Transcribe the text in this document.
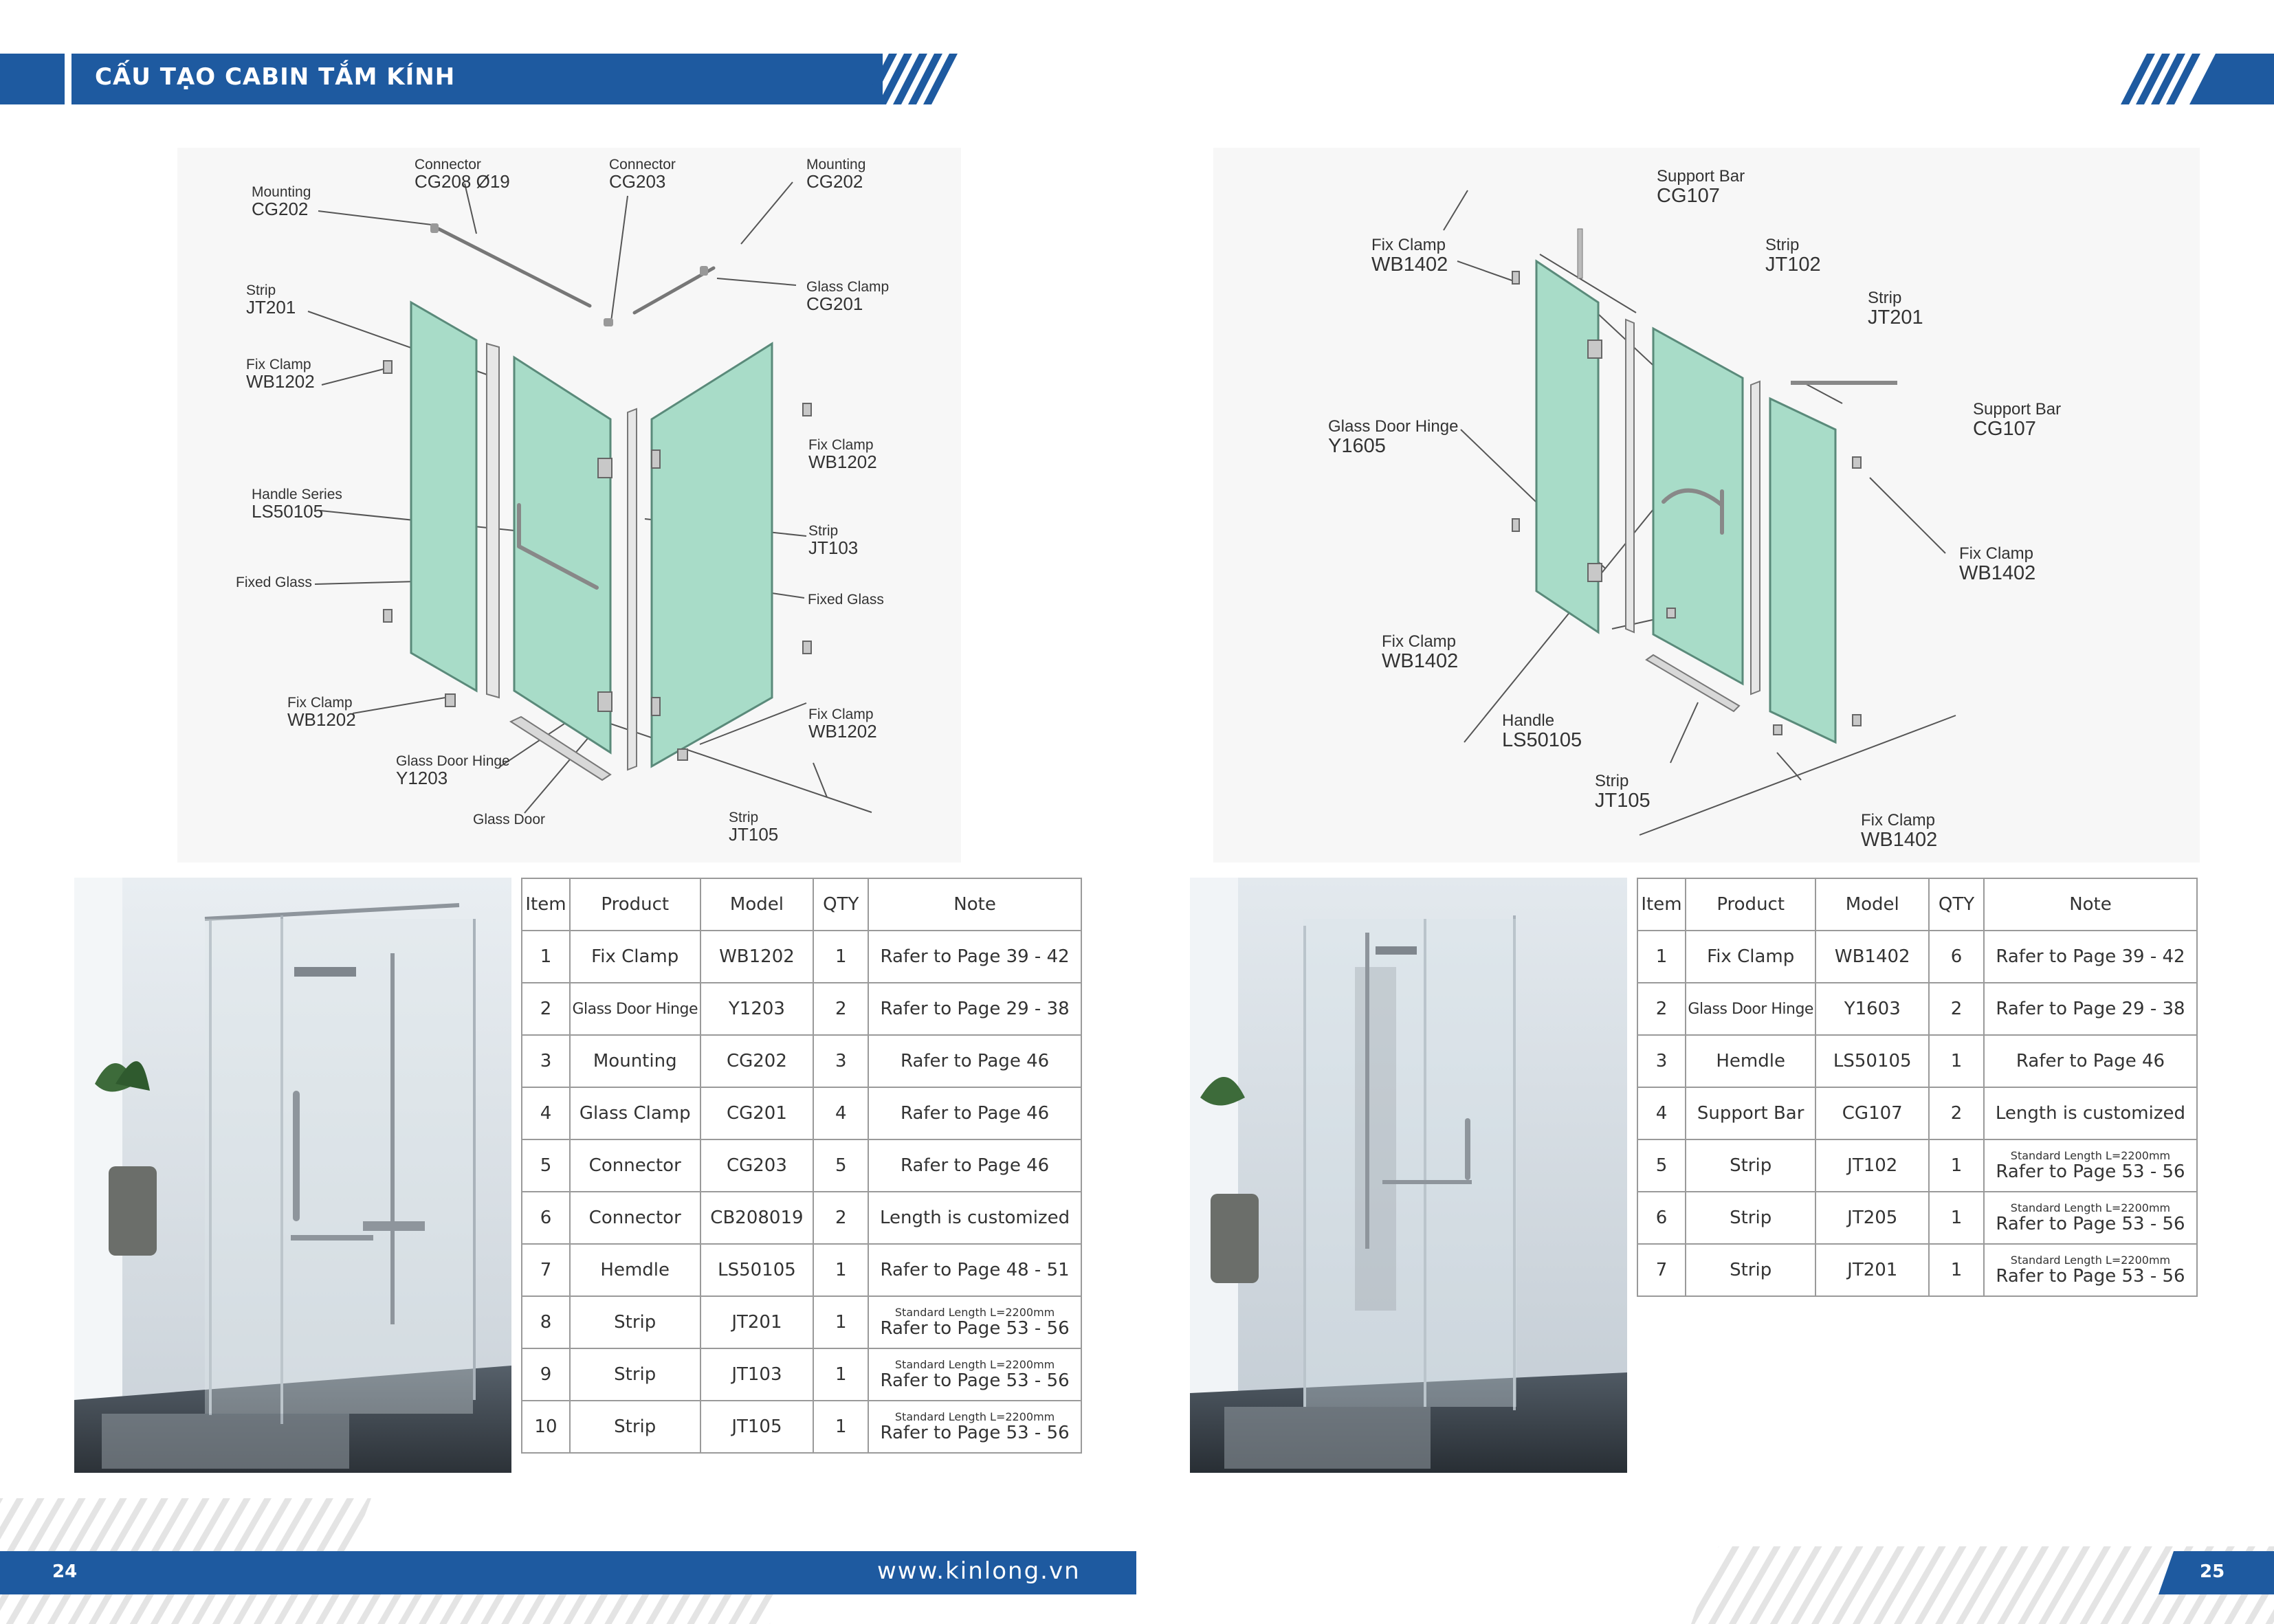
CẤU TẠO CABIN TẮM KÍNH
Mounting
CG202
Connector
CG208 Ø19
Connector
CG203
Mounting
CG202
Glass Clamp
CG201
Strip
JT201
Fix Clamp
WB1202
Fix Clamp
WB1202
Handle Series
LS50105
Strip
JT103
Fixed Glass
Fixed Glass
Fix Clamp
WB1202	Fix Clamp
WB1202
Glass Door Hinge
Y1203
Glass Door	Strip
JT105
Support Bar
CG107
Fix Clamp
WB1402
Strip
JT102
Strip
JT201
Support Bar
CG107
Glass Door Hinge
Y1605
Fix Clamp
WB1402
Fix Clamp
WB1402
Handle
LS50105
Strip
JT105
Fix Clamp
WB1402
Item	Product	Model	QTY	Note
1	Fix Clamp	WB1202	1	Rafer to Page 39 - 42
2	Glass Door Hinge	Y1203	2	Rafer to Page 29 - 38
3	Mounting	CG202	3	Rafer to Page 46
4	Glass Clamp	CG201	4	Rafer to Page 46
5	Connector	CG203	5	Rafer to Page 46
6	Connector	CB208019	2	Length is customized
7	Hemdle	LS50105	1	Rafer to Page 48 - 51
8	Strip	JT201	1	Standard Length L=2200mm
Rafer to Page 53 - 56

9	Strip	JT103	1	Standard Length L=2200mm
Rafer to Page 53 - 56

10	Strip	JT105	1	Standard Length L=2200mm
Rafer to Page 53 - 56
Item	Product	Model	QTY	Note
1	Fix Clamp	WB1402	6	Rafer to Page 39 - 42
2	Glass Door Hinge	Y1603	2	Rafer to Page 29 - 38
3	Hemdle	LS50105	1	Rafer to Page 46
4	Support Bar	CG107	2	Length is customized
5	Strip	JT102	1	Standard Length L=2200mm
Rafer to Page 53 - 56

6	Strip	JT205	1	Standard Length L=2200mm
Rafer to Page 53 - 56

7	Strip	JT201	1	Standard Length L=2200mm
Rafer to Page 53 - 56
24	www.kinlong.vn	25
